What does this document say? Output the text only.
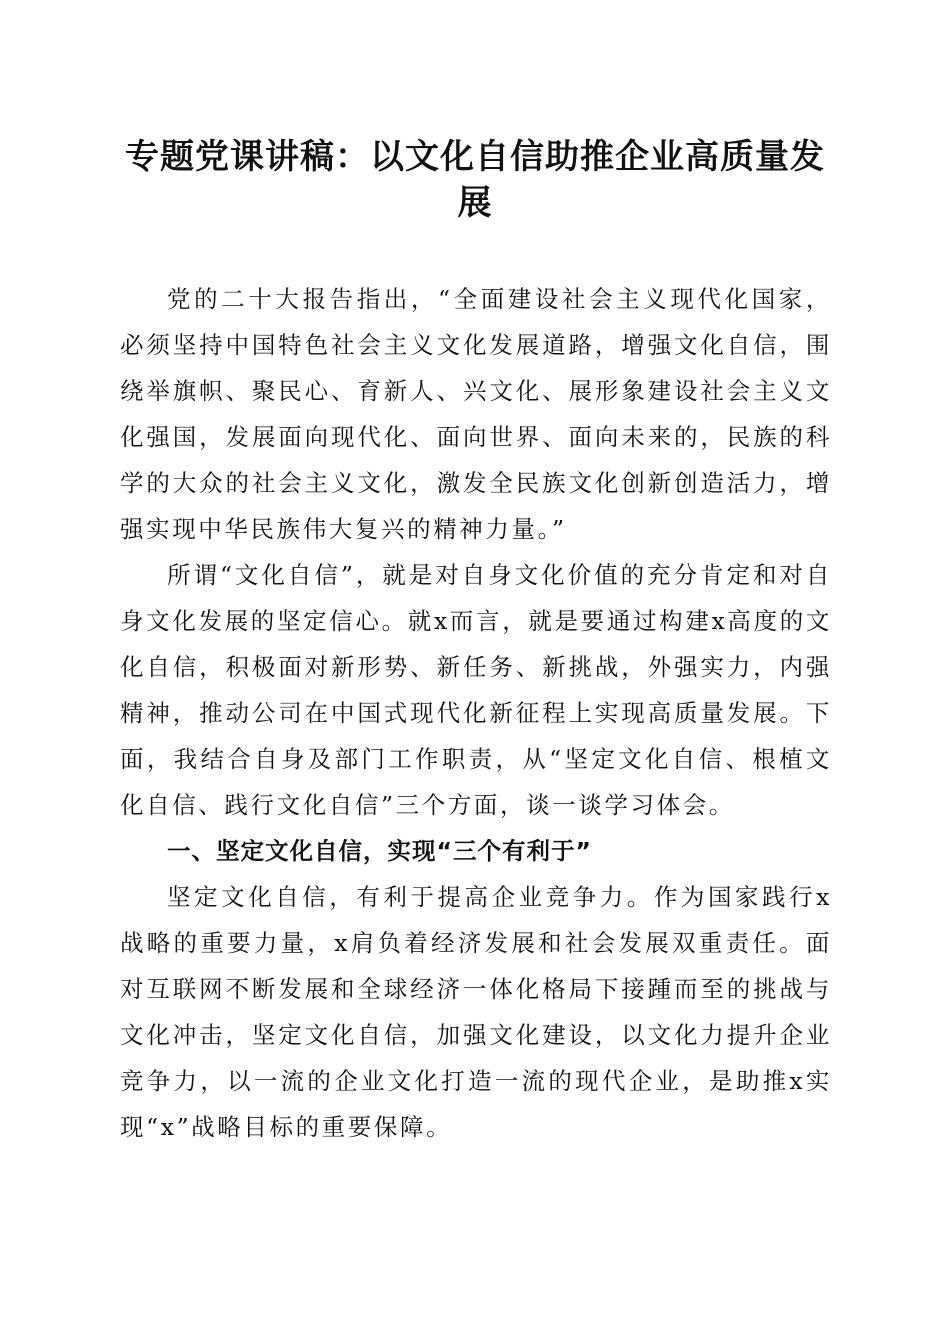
专题党课讲稿：以文化自信助推企业高质量发展

党的二十大报告指出，“全面建设社会主义现代化国家，必须坚持中国特色社会主义文化发展道路，增强文化自信，围绕举旗帜、聚民心、育新人、兴文化、展形象建设社会主义文化强国，发展面向现代化、面向世界、面向未来的，民族的科学的大众的社会主义文化，激发全民族文化创新创造活力，增强实现中华民族伟大复兴的精神力量。”

所谓“文化自信”，就是对自身文化价值的充分肯定和对自身文化发展的坚定信心。就x而言，就是要通过构建x高度的文化自信，积极面对新形势、新任务、新挑战，外强实力，内强精神，推动公司在中国式现代化新征程上实现高质量发展。下面，我结合自身及部门工作职责，从“坚定文化自信、根植文化自信、践行文化自信”三个方面，谈一谈学习体会。

一、坚定文化自信，实现“三个有利于”

坚定文化自信，有利于提高企业竞争力。作为国家践行x战略的重要力量，x肩负着经济发展和社会发展双重责任。面对互联网不断发展和全球经济一体化格局下接踵而至的挑战与文化冲击，坚定文化自信，加强文化建设，以文化力提升企业竞争力，以一流的企业文化打造一流的现代企业，是助推x实现“x”战略目标的重要保障。
